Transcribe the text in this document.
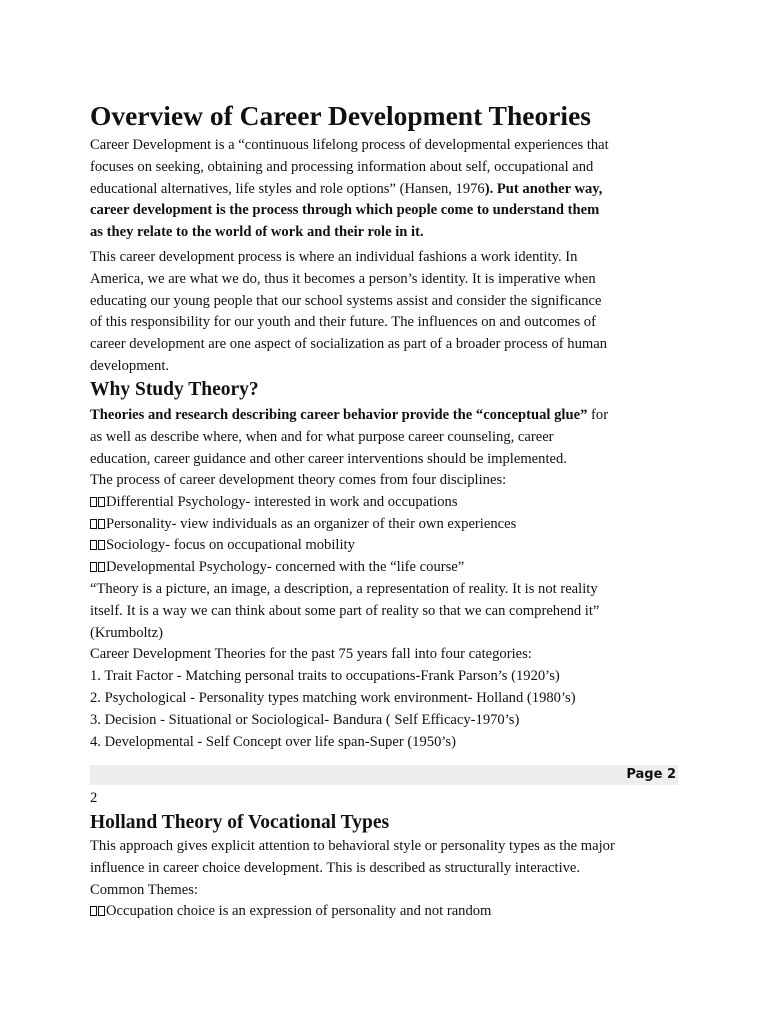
Overview of Career Development Theories
Career Development is a “continuous lifelong process of developmental experiences that
focuses on seeking, obtaining and processing information about self, occupational and
educational alternatives, life styles and role options” (Hansen, 1976). Put another way,
career development is the process through which people come to understand them
as they relate to the world of work and their role in it.
This career development process is where an individual fashions a work identity. In
America, we are what we do, thus it becomes a person’s identity. It is imperative when
educating our young people that our school systems assist and consider the significance
of this responsibility for our youth and their future. The influences on and outcomes of
career development are one aspect of socialization as part of a broader process of human
development.
Why Study Theory?
Theories and research describing career behavior provide the “conceptual glue” for
as well as describe where, when and for what purpose career counseling, career
education, career guidance and other career interventions should be implemented.
The process of career development theory comes from four disciplines:
Differential Psychology- interested in work and occupations
Personality- view individuals as an organizer of their own experiences
Sociology- focus on occupational mobility
Developmental Psychology- concerned with the “life course”
“Theory is a picture, an image, a description, a representation of reality. It is not reality
itself. It is a way we can think about some part of reality so that we can comprehend it”
(Krumboltz)
Career Development Theories for the past 75 years fall into four categories:
1. Trait Factor - Matching personal traits to occupations-Frank Parson’s (1920’s)
2. Psychological - Personality types matching work environment- Holland (1980’s)
3. Decision - Situational or Sociological- Bandura ( Self Efficacy-1970’s)
4. Developmental - Self Concept over life span-Super (1950’s)
Holland Theory of Vocational Types
This approach gives explicit attention to behavioral style or personality types as the major
influence in career choice development. This is described as structurally interactive.
Common Themes:
Occupation choice is an expression of personality and not random
Page 2
2
